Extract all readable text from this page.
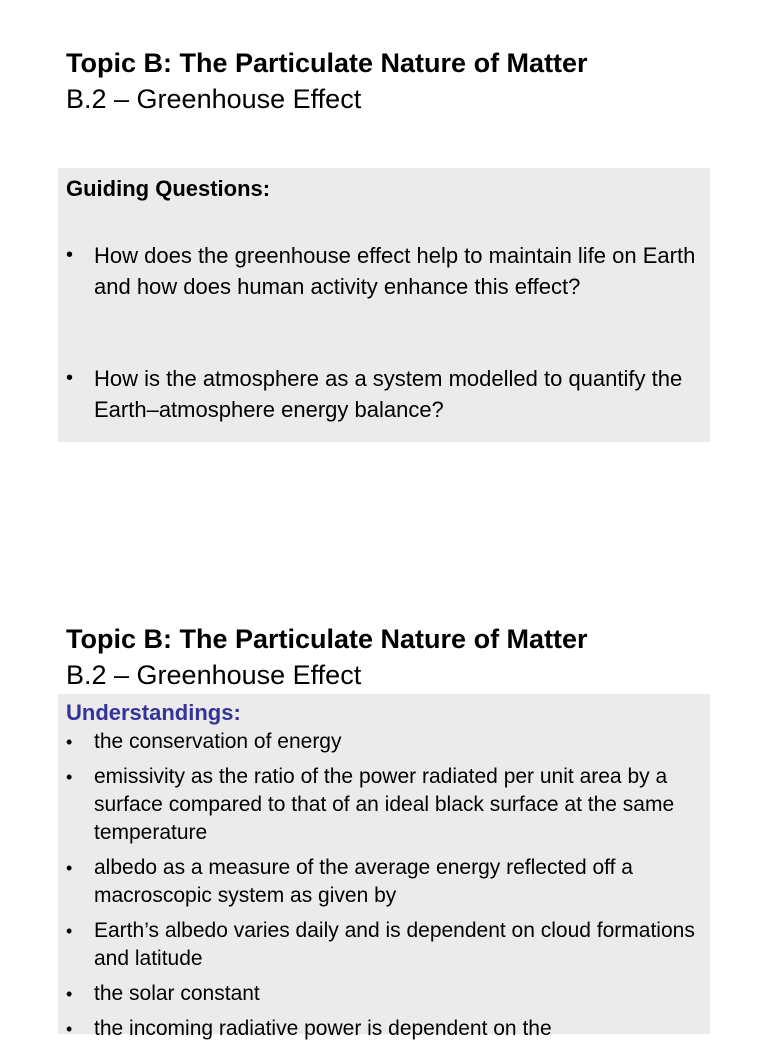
Topic B: The Particulate Nature of Matter
B.2 – Greenhouse Effect
Guiding Questions:
• How does the greenhouse effect help to maintain life on Earth and how does human activity enhance this effect?
• How is the atmosphere as a system modelled to quantify the Earth–atmosphere energy balance?
Topic B: The Particulate Nature of Matter
B.2 – Greenhouse Effect
Understandings:
•	the conservation of energy
•	emissivity as the ratio of the power radiated per unit area by a surface compared to that of an ideal black surface at the same temperature
•	albedo as a measure of the average energy reflected off a macroscopic system as given by
•	Earth’s albedo varies daily and is dependent on cloud formations and latitude
•	the solar constant
•	the incoming radiative power is dependent on the
